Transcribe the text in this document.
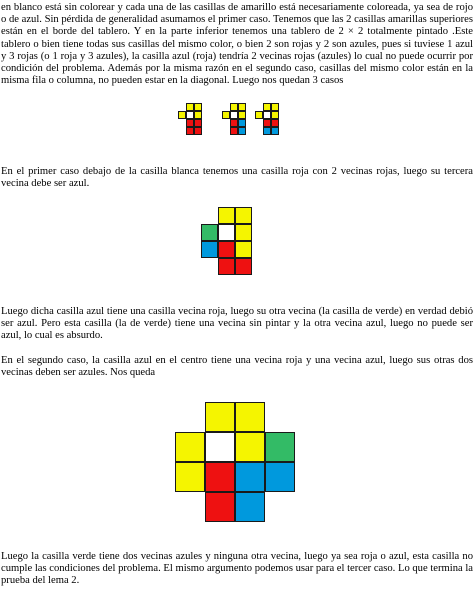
en blanco está sin colorear y cada una de las casillas de amarillo está necesariamente coloreada, ya sea de rojo o de azul. Sin pérdida de generalidad asumamos el primer caso. Tenemos que las 2 casillas amarillas superiores están en el borde del tablero. Y en la parte inferior tenemos una tablero de 2 × 2 totalmente pintado .Este tablero o bien tiene todas sus casillas del mismo color, o bien 2 son rojas y 2 son azules, pues si tuviese 1 azul y 3 rojas (o 1 roja y 3 azules), la casilla azul (roja) tendría 2 vecinas rojas (azules) lo cual no puede ocurrir por condición del problema. Además por la misma razón en el segundo caso, casillas del mismo color están en la misma fila o columna, no pueden estar en la diagonal. Luego nos quedan 3 casos

En el primer caso debajo de la casilla blanca tenemos una casilla roja con 2 vecinas rojas, luego su tercera vecina debe ser azul.

Luego dicha casilla azul tiene una casilla vecina roja, luego su otra vecina (la casilla de verde) en verdad debió ser azul. Pero esta casilla (la de verde) tiene una vecina sin pintar y la otra vecina azul, luego no puede ser azul, lo cual es absurdo.

En el segundo caso, la casilla azul en el centro tiene una vecina roja y una vecina azul, luego sus otras dos vecinas deben ser azules. Nos queda

Luego la casilla verde tiene dos vecinas azules y ninguna otra vecina, luego ya sea roja o azul, esta casilla no cumple las condiciones del problema. El mismo argumento podemos usar para el tercer caso. Lo que termina la prueba del lema 2.
